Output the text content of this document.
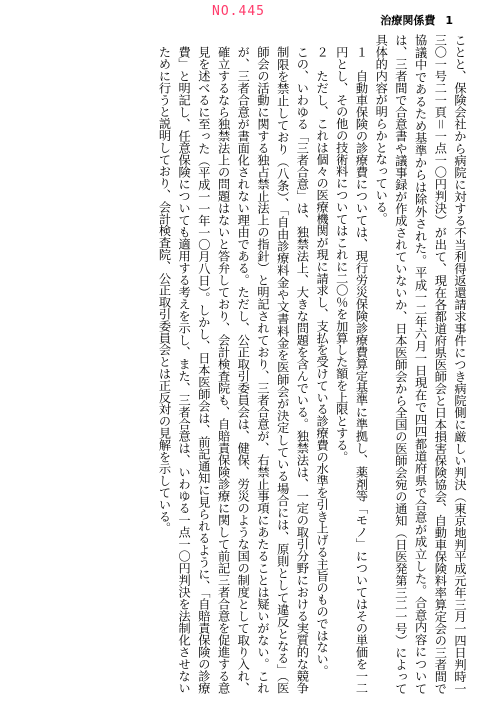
NO.445
治療関係費 1

ことと、保険会社から病院に対する不当利得返還請求事件につき病院側に厳しい判決（東京地判平成元年三月一四日判時一三〇一号二一頁＝一点一〇円判決）が出て、現在各都道府県医師会と日本損害保険協会、自動車保険料率算定会の三者間で協議中であるため基準からは除外された。平成一二年六月一日現在で四四都道府県で合意が成立した。合意内容については、三者間で合意書や議事録が作成されていないか、日本医師会から全国の医師会宛の通知（日医発第三二一号）によって具体的内容が明らかとなっている。

１　自動車保険の診療費については、現行労災保険診療費算定基準に準拠し、薬剤等「モノ」についてはその単価を一二円とし、その他の技術料についてはこれに二〇％を加算した額を上限とする。

２　ただし、これは個々の医療機関が現に請求し、支払を受けている診療費の水準を引き上げる主旨のものではない。

この、いわゆる「三者合意」は、独禁法上、大きな問題を含んでいる。独禁法は、一定の取引分野における実質的な競争制限を禁止しており（八条）、「自由診療料金や文書料金を医師会が決定している場合には、原則として違反となる」（医師会の活動に関する独占禁止法上の指針）と明記されており、三者合意が、右禁止事項にあたることは疑いがない。これが、三者合意が書面化されない理由である。ただし、公正取引委員会は、健保、労災のような国の制度として取り入れ、確立するなら独禁法上の問題はないと答弁しており、会計検査院も、自賠責保険診療に関して前記三者合意を促進する意見を述べるに至った（平成一一年一〇月八日）。しかし、日本医師会は、前記通知に見られるように、「自賠責保険の診療費」と明記し、任意保険についても適用する考えを示し、また、三者合意は、いわゆる一点一〇円判決を法制化させないために行うと説明しており、会計検査院、公正取引委員会とは正反対の見解を示している。
